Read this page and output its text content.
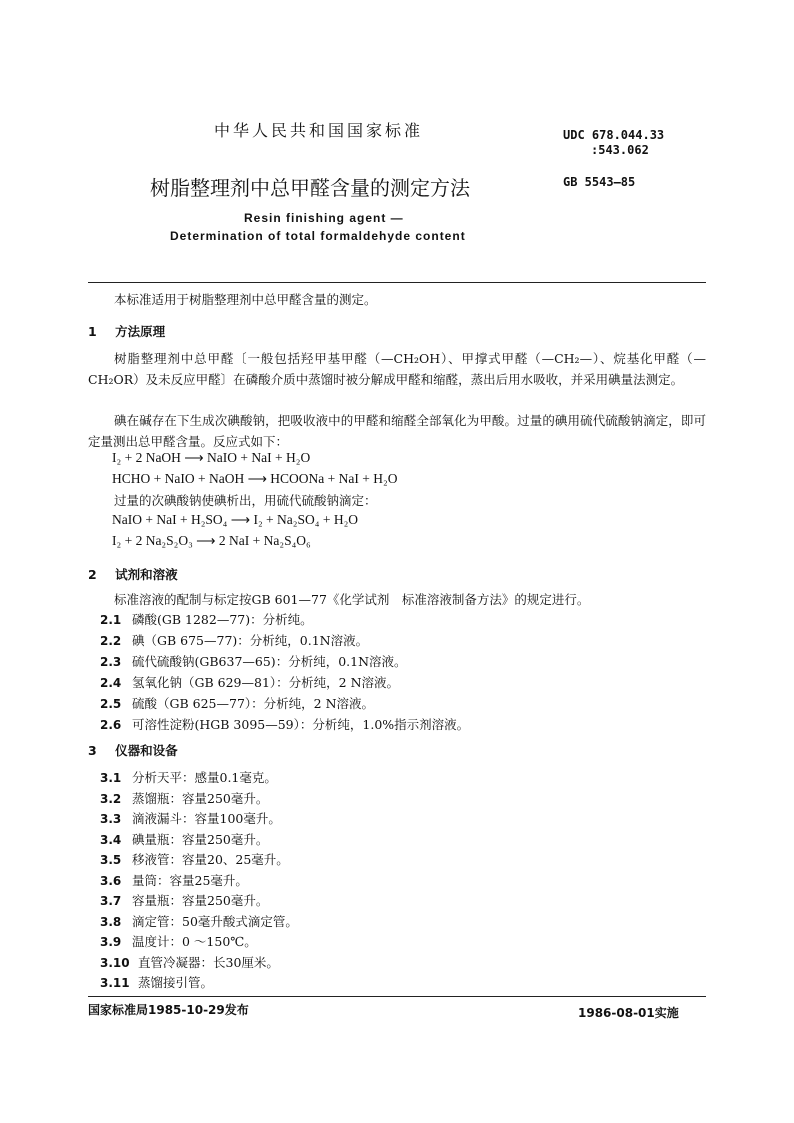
中华人民共和国国家标准	UDC 678.044.33
:543.062
树脂整理剂中总甲醛含量的测定方法	GB 5543—85
Resin finishing agent —
Determination of total formaldehyde content
本标准适用于树脂整理剂中总甲醛含量的测定。
1 方法原理

树脂整理剂中总甲醛〔一般包括羟甲基甲醛（—CH₂OH）、甲撑式甲醛（—CH₂—）、烷基化甲醛（—CH₂OR）及未反应甲醛〕在磷酸介质中蒸馏时被分解成甲醛和缩醛，蒸出后用水吸收，并采用碘量法测定。

碘在碱存在下生成次碘酸钠，把吸收液中的甲醛和缩醛全部氧化为甲酸。过量的碘用硫代硫酸钠滴定，即可定量测出总甲醛含量。反应式如下：

I₂ + 2 NaOH ⟶ NaIO + NaI + H₂O
HCHO + NaIO + NaOH ⟶ HCOONa + NaI + H₂O
过量的次碘酸钠使碘析出，用硫代硫酸钠滴定：
NaIO + NaI + H₂SO₄ ⟶ I₂ + Na₂SO₄ + H₂O
I₂ + 2 Na₂S₂O₃ ⟶ 2 NaI + Na₂S₄O₆
2 试剂和溶液
标准溶液的配制与标定按GB 601—77《化学试剂　标准溶液制备方法》的规定进行。
2.1 磷酸(GB 1282—77)：分析纯。
2.2 碘（GB 675—77)：分析纯，0.1N溶液。
2.3 硫代硫酸钠(GB637—65)：分析纯，0.1N溶液。
2.4 氢氧化钠（GB 629—81）：分析纯，2 N溶液。
2.5 硫酸（GB 625—77）：分析纯，2 N溶液。
2.6 可溶性淀粉(HGB 3095—59）：分析纯，1.0%指示剂溶液。
3 仪器和设备
3.1 分析天平：感量0.1毫克。
3.2 蒸馏瓶：容量250毫升。
3.3 滴液漏斗：容量100毫升。
3.4 碘量瓶：容量250毫升。
3.5 移液管：容量20、25毫升。
3.6 量筒：容量25毫升。
3.7 容量瓶：容量250毫升。
3.8 滴定管：50毫升酸式滴定管。
3.9 温度计：0 ～150℃。
3.10 直管冷凝器：长30厘米。
3.11 蒸馏接引管。
国家标准局1985-10-29发布	1986-08-01实施
